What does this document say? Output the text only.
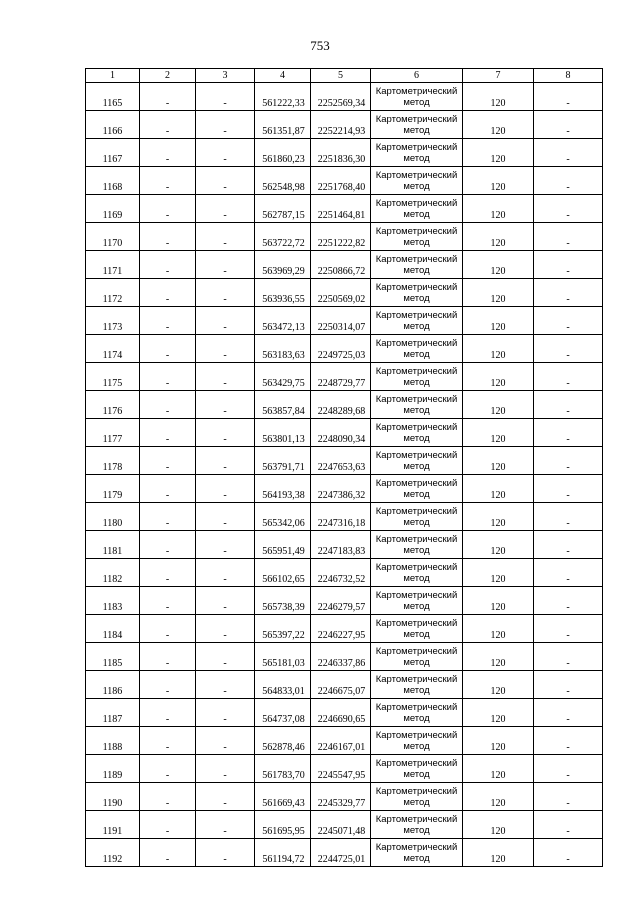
753
1	2	3	4	5	6	7	8
1165	-	-	561222,33	2252569,34	Картометрический метод	120	-
1166	-	-	561351,87	2252214,93	Картометрический метод	120	-
1167	-	-	561860,23	2251836,30	Картометрический метод	120	-
1168	-	-	562548,98	2251768,40	Картометрический метод	120	-
1169	-	-	562787,15	2251464,81	Картометрический метод	120	-
1170	-	-	563722,72	2251222,82	Картометрический метод	120	-
1171	-	-	563969,29	2250866,72	Картометрический метод	120	-
1172	-	-	563936,55	2250569,02	Картометрический метод	120	-
1173	-	-	563472,13	2250314,07	Картометрический метод	120	-
1174	-	-	563183,63	2249725,03	Картометрический метод	120	-
1175	-	-	563429,75	2248729,77	Картометрический метод	120	-
1176	-	-	563857,84	2248289,68	Картометрический метод	120	-
1177	-	-	563801,13	2248090,34	Картометрический метод	120	-
1178	-	-	563791,71	2247653,63	Картометрический метод	120	-
1179	-	-	564193,38	2247386,32	Картометрический метод	120	-
1180	-	-	565342,06	2247316,18	Картометрический метод	120	-
1181	-	-	565951,49	2247183,83	Картометрический метод	120	-
1182	-	-	566102,65	2246732,52	Картометрический метод	120	-
1183	-	-	565738,39	2246279,57	Картометрический метод	120	-
1184	-	-	565397,22	2246227,95	Картометрический метод	120	-
1185	-	-	565181,03	2246337,86	Картометрический метод	120	-
1186	-	-	564833,01	2246675,07	Картометрический метод	120	-
1187	-	-	564737,08	2246690,65	Картометрический метод	120	-
1188	-	-	562878,46	2246167,01	Картометрический метод	120	-
1189	-	-	561783,70	2245547,95	Картометрический метод	120	-
1190	-	-	561669,43	2245329,77	Картометрический метод	120	-
1191	-	-	561695,95	2245071,48	Картометрический метод	120	-
1192	-	-	561194,72	2244725,01	Картометрический метод	120	-
